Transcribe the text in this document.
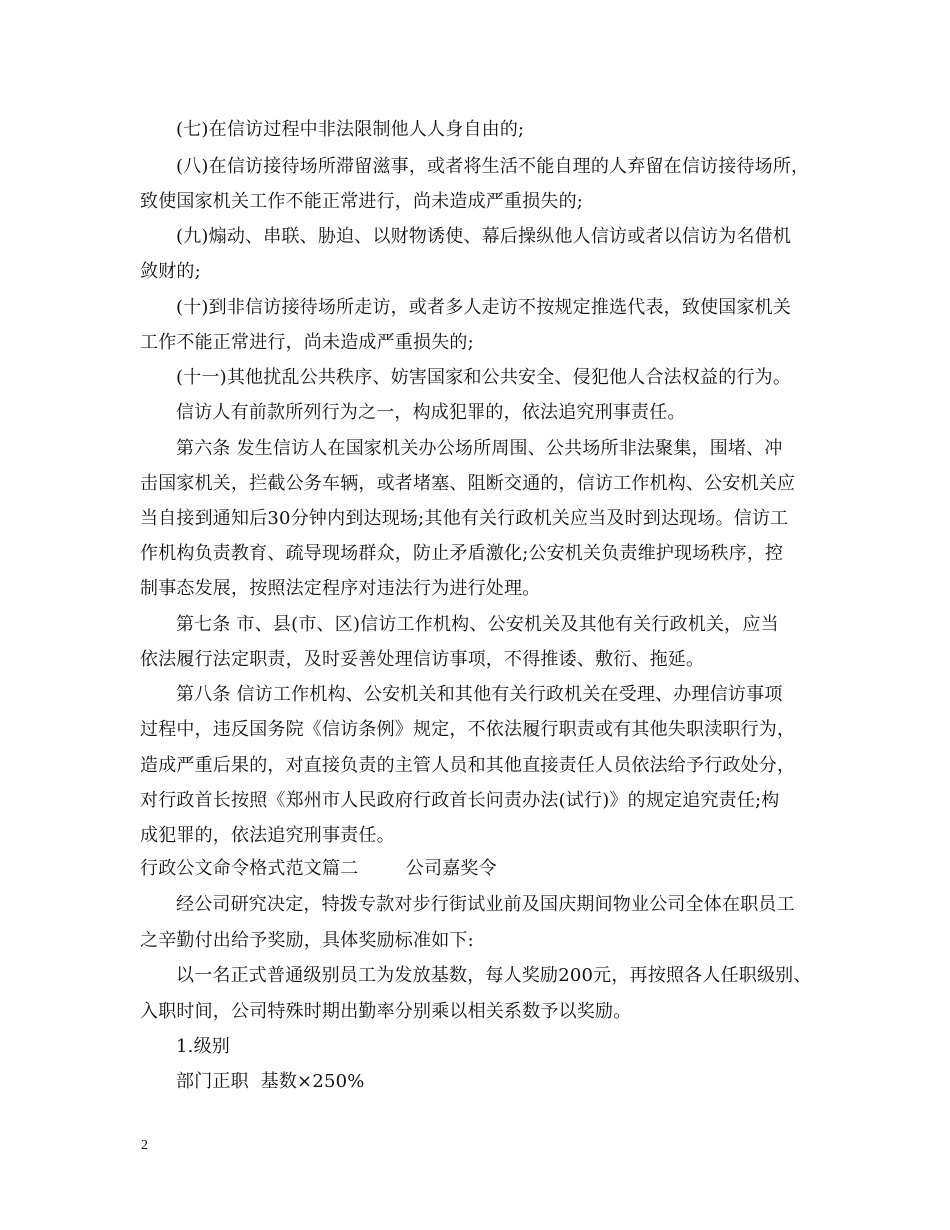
(七)在信访过程中非法限制他人人身自由的;
(八)在信访接待场所滞留滋事，或者将生活不能自理的人弃留在信访接待场所，
致使国家机关工作不能正常进行，尚未造成严重损失的;
(九)煽动、串联、胁迫、以财物诱使、幕后操纵他人信访或者以信访为名借机
敛财的;
(十)到非信访接待场所走访，或者多人走访不按规定推选代表，致使国家机关
工作不能正常进行，尚未造成严重损失的;
(十一)其他扰乱公共秩序、妨害国家和公共安全、侵犯他人合法权益的行为。
信访人有前款所列行为之一，构成犯罪的，依法追究刑事责任。
第六条 发生信访人在国家机关办公场所周围、公共场所非法聚集，围堵、冲
击国家机关，拦截公务车辆，或者堵塞、阻断交通的，信访工作机构、公安机关应
当自接到通知后30分钟内到达现场;其他有关行政机关应当及时到达现场。信访工
作机构负责教育、疏导现场群众，防止矛盾激化;公安机关负责维护现场秩序，控
制事态发展，按照法定程序对违法行为进行处理。
第七条 市、县(市、区)信访工作机构、公安机关及其他有关行政机关，应当
依法履行法定职责，及时妥善处理信访事项，不得推诿、敷衍、拖延。
第八条 信访工作机构、公安机关和其他有关行政机关在受理、办理信访事项
过程中，违反国务院《信访条例》规定，不依法履行职责或有其他失职渎职行为，
造成严重后果的，对直接负责的主管人员和其他直接责任人员依法给予行政处分，
对行政首长按照《郑州市人民政府行政首长问责办法(试行)》的规定追究责任;构
成犯罪的，依法追究刑事责任。
行政公文命令格式范文篇二        公司嘉奖令
经公司研究决定，特拨专款对步行街试业前及国庆期间物业公司全体在职员工
之辛勤付出给予奖励，具体奖励标准如下:
以一名正式普通级别员工为发放基数，每人奖励200元，再按照各人任职级别、
入职时间，公司特殊时期出勤率分别乘以相关系数予以奖励。
1.级别
部门正职  基数×250%
2
